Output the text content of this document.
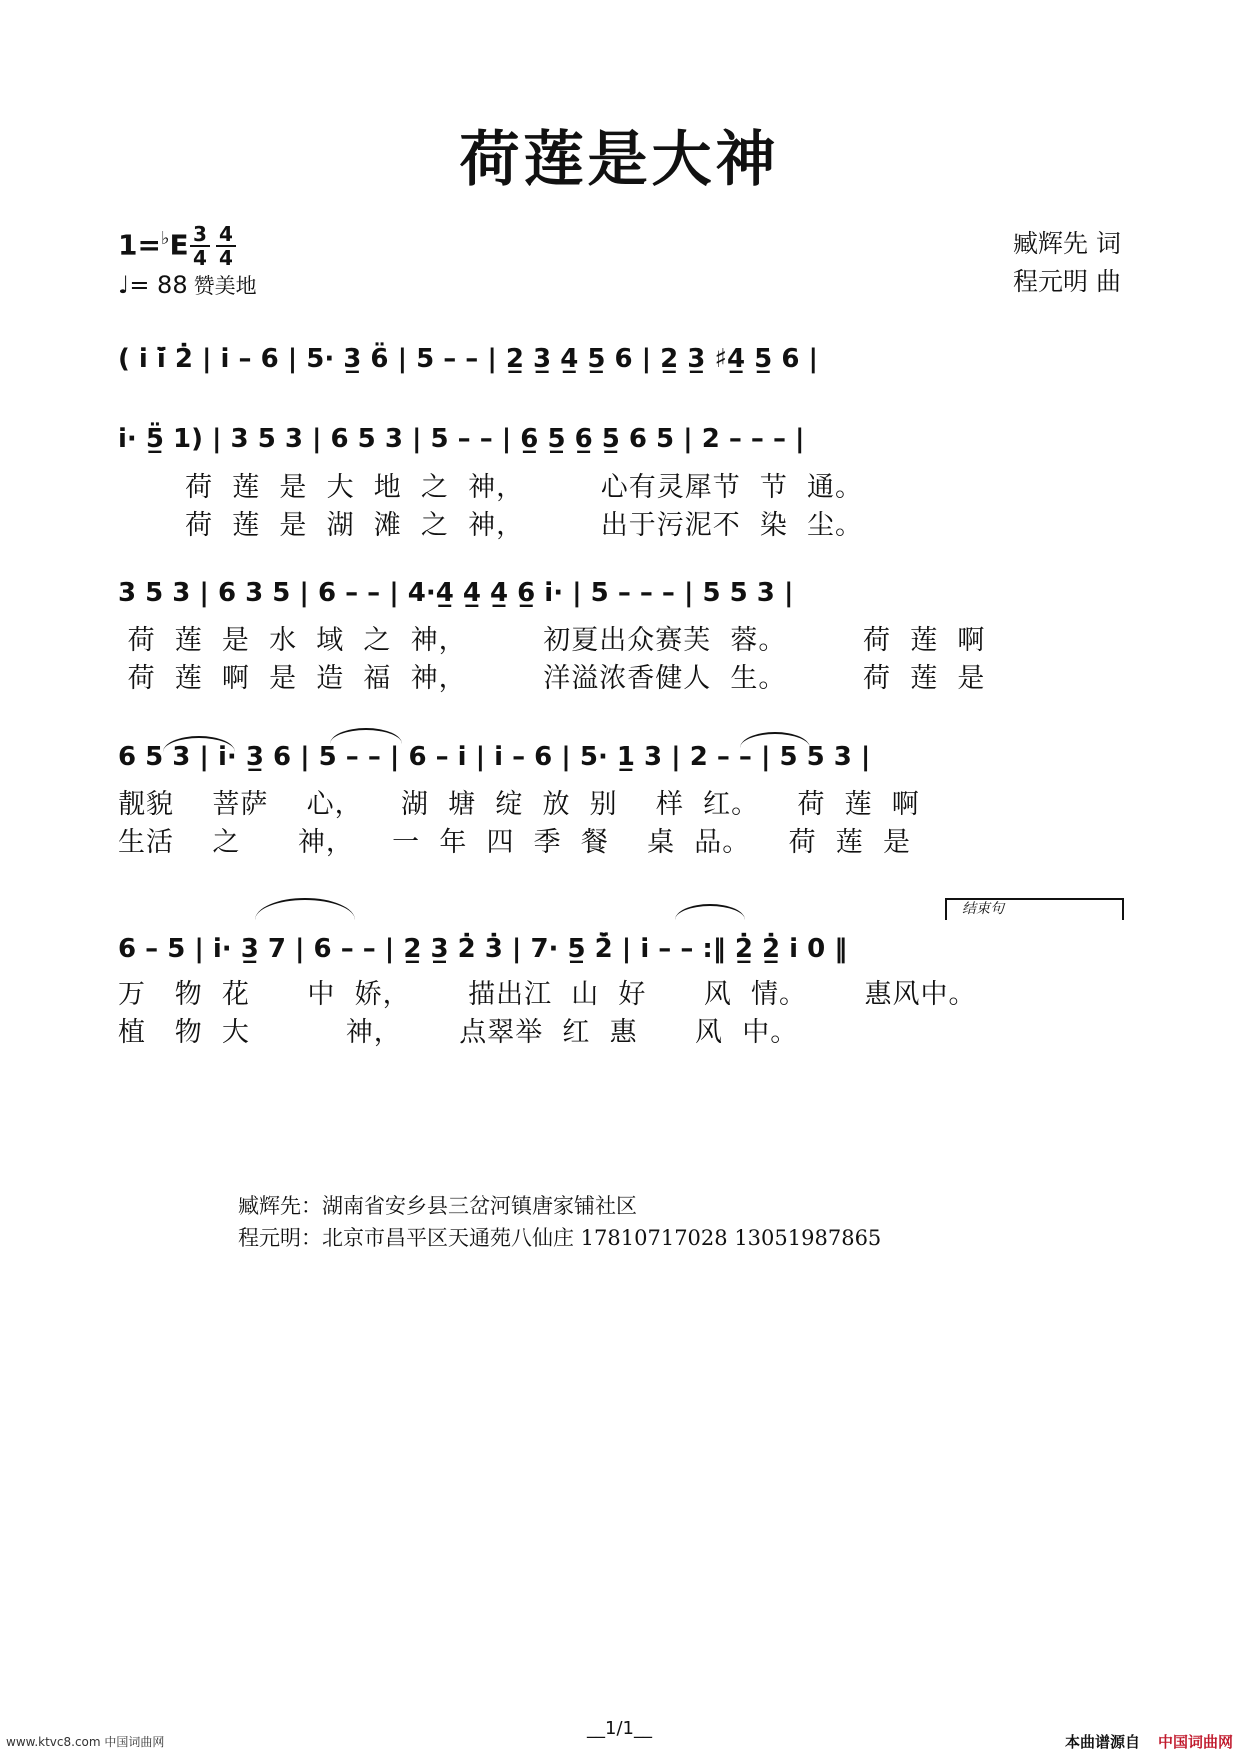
荷莲是大神
1=♭E 3
4
4
4
♩= 88 赞美地
臧辉先 词
程元明 曲
( i̇ i̇̈ 2̇ | i̇ – 6 | 5· 3̲ 6̈ | 5 – – | 2̲ 3̲ 4̲ 5̲ 6 | 2̲ 3̲ ♯4̲ 5̲ 6 |
i̇· 5̲̈ 1) | 3 5 3 | 6 5 3 | 5 – – | 6̲ 5̲ 6̲ 5̲ 6 5 | 2 – – – |
荷  莲  是  大  地  之  神，        心有灵犀节  节  通。
荷  莲  是  湖  滩  之  神，        出于污泥不  染  尘。
3 5 3 | 6 3 5 | 6 – – | 4·4̲ 4̲ 4̲ 6̲ i̇· | 5 – – – | 5 5 3 |
荷  莲  是  水  域  之  神，        初夏出众赛芙  蓉。        荷  莲  啊
荷  莲  啊  是  造  福  神，        洋溢浓香健人  生。        荷  莲  是
6 5 3 | i̇· 3̲ 6 | 5 – – | 6 – i̇ | i̇ – 6 | 5· 1̲ 3 | 2 – – | 5 5 3 |
靓貌    菩萨    心，    湖  塘  绽  放  别    样  红。    荷  莲  啊
生活    之      神，    一  年  四  季  餐    桌  品。    荷  莲  是
结束句
6 – 5 | i̇· 3̲ 7 | 6 – – | 2̲ 3̲ 2̇ 3̇ | 7· 5̲ 2̇̈ | i̇ – – :‖ 2̲̇ 2̲̇ i̇ 0 ‖
万   物  花      中  娇，      描出江  山  好      风  情。      惠风中。
植   物  大          神，      点翠举  红  惠      风  中。
臧辉先：湖南省安乡县三岔河镇唐家铺社区
程元明：北京市昌平区天通苑八仙庄 17810717028 13051987865
__1/1__
www.ktvc8.com 中国词曲网	本曲谱源自 中国词曲网
